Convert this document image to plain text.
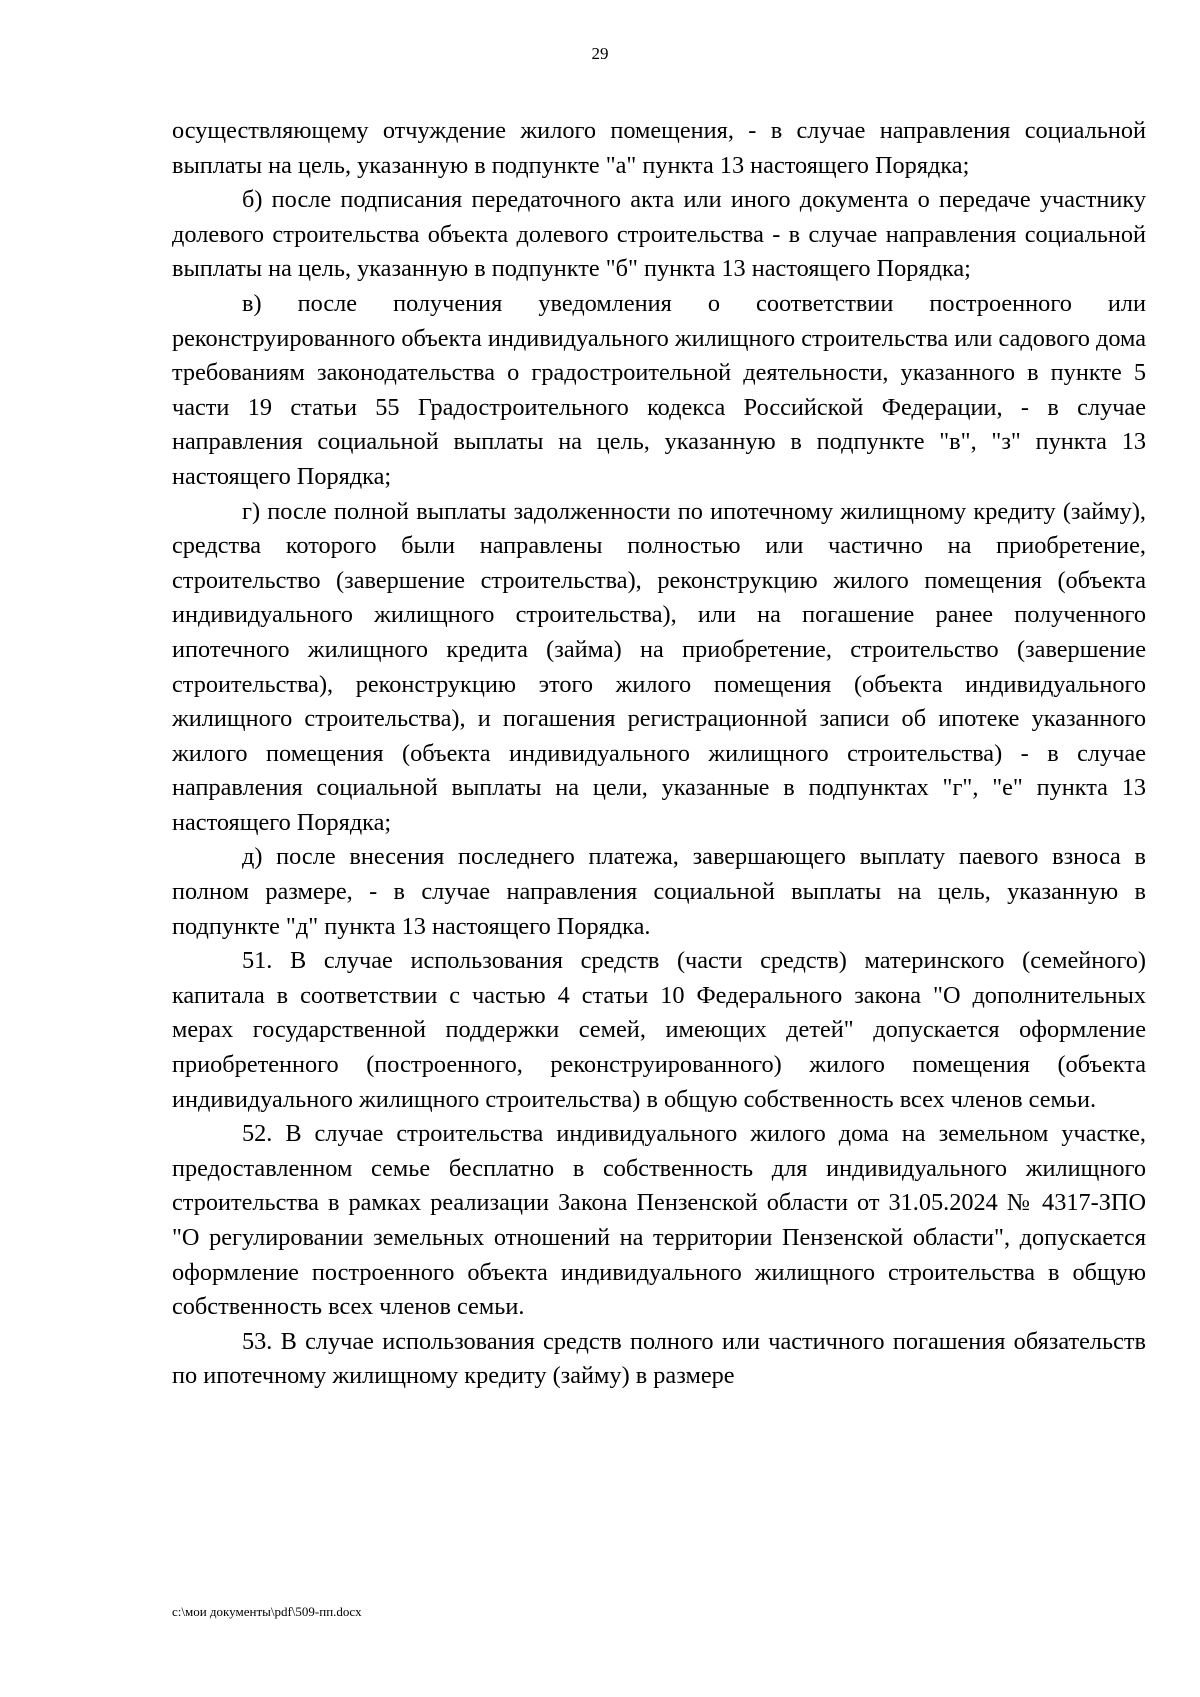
29

осуществляющему отчуждение жилого помещения, - в случае направления социальной выплаты на цель, указанную в подпункте "а" пункта 13 настоящего Порядка;

б) после подписания передаточного акта или иного документа о передаче участнику долевого строительства объекта долевого строительства - в случае направления социальной выплаты на цель, указанную в подпункте "б" пункта 13 настоящего Порядка;

в) после получения уведомления о соответствии построенного или реконструированного объекта индивидуального жилищного строительства или садового дома требованиям законодательства о градостроительной деятельности, указанного в пункте 5 части 19 статьи 55 Градостроительного кодекса Российской Федерации, - в случае направления социальной выплаты на цель, указанную в подпункте "в", "з" пункта 13 настоящего Порядка;

г) после полной выплаты задолженности по ипотечному жилищному кредиту (займу), средства которого были направлены полностью или частично на приобретение, строительство (завершение строительства), реконструкцию жилого помещения (объекта индивидуального жилищного строительства), или на погашение ранее полученного ипотечного жилищного кредита (займа) на приобретение, строительство (завершение строительства), реконструкцию этого жилого помещения (объекта индивидуального жилищного строительства), и погашения регистрационной записи об ипотеке указанного жилого помещения (объекта индивидуального жилищного строительства) - в случае направления социальной выплаты на цели, указанные в подпунктах "г", "е" пункта 13 настоящего Порядка;

д) после внесения последнего платежа, завершающего выплату паевого взноса в полном размере, - в случае направления социальной выплаты на цель, указанную в подпункте "д" пункта 13 настоящего Порядка.

51. В случае использования средств (части средств) материнского (семейного) капитала в соответствии с частью 4 статьи 10 Федерального закона "О дополнительных мерах государственной поддержки семей, имеющих детей" допускается оформление приобретенного (построенного, реконструированного) жилого помещения (объекта индивидуального жилищного строительства) в общую собственность всех членов семьи.

52. В случае строительства индивидуального жилого дома на земельном участке, предоставленном семье бесплатно в собственность для индивидуального жилищного строительства в рамках реализации Закона Пензенской области от 31.05.2024 № 4317-ЗПО "О регулировании земельных отношений на территории Пензенской области", допускается оформление построенного объекта индивидуального жилищного строительства в общую собственность всех членов семьи.

53. В случае использования средств полного или частичного погашения обязательств по ипотечному жилищному кредиту (займу) в размере

c:\мои документы\pdf\509-пп.docx
